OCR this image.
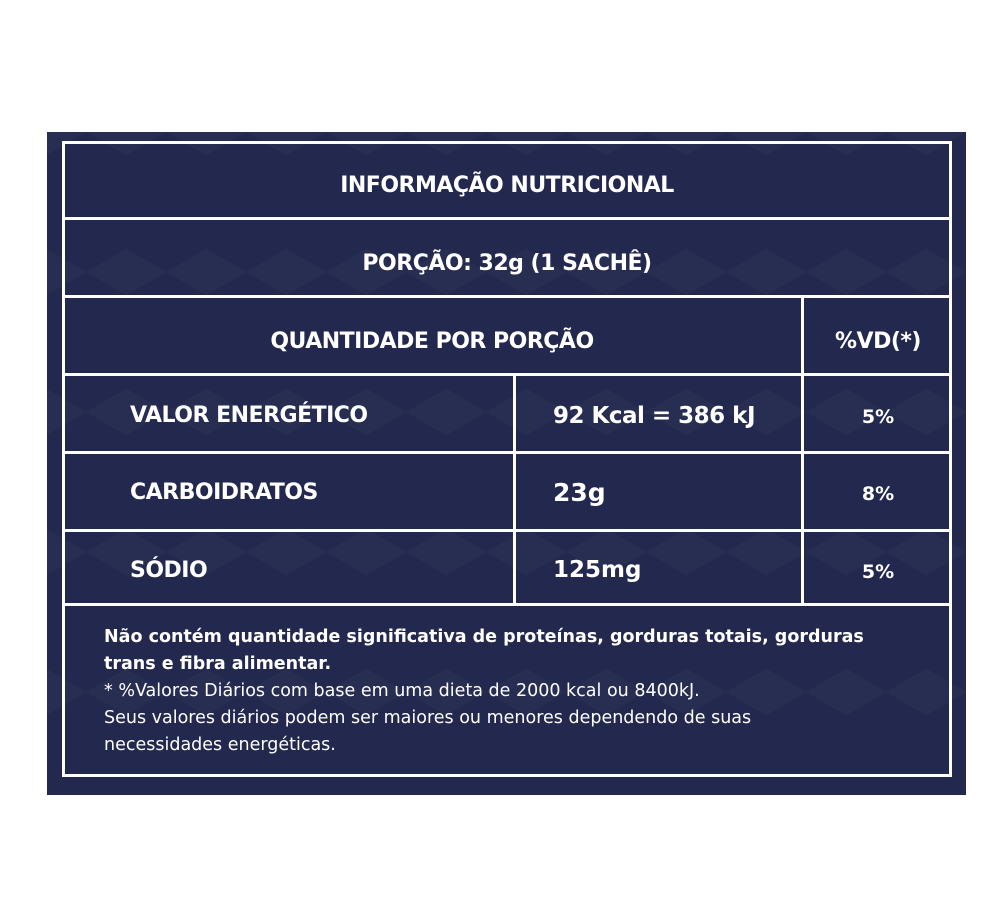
INFORMAÇÃO NUTRICIONAL
PORÇÃO: 32g (1 SACHÊ)
QUANTIDADE POR PORÇÃO	%VD(*)
VALOR ENERGÉTICO	92 Kcal = 386 kJ	5%
CARBOIDRATOS	23g	8%
SÓDIO	125mg	5%
Não contém quantidade significativa de proteínas, gorduras totais, gorduras
trans e fibra alimentar.
* %Valores Diários com base em uma dieta de 2000 kcal ou 8400kJ.
Seus valores diários podem ser maiores ou menores dependendo de suas
necessidades energéticas.
